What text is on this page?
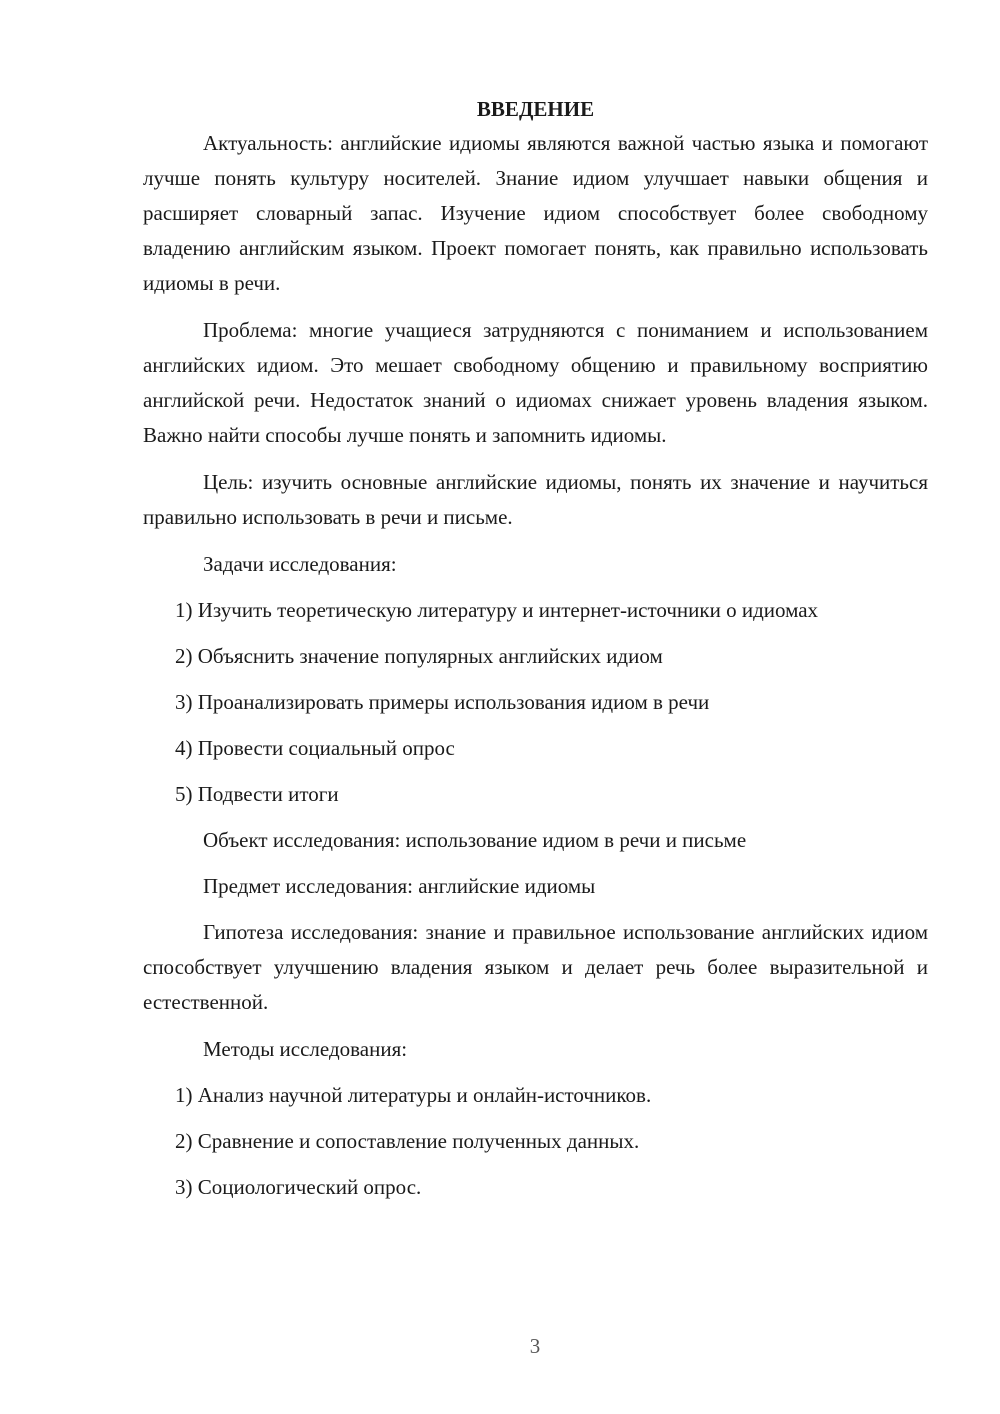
ВВЕДЕНИЕ

Актуальность: английские идиомы являются важной частью языка и помогают лучше понять культуру носителей. Знание идиом улучшает навыки общения и расширяет словарный запас. Изучение идиом способствует более свободному владению английским языком. Проект помогает понять, как правильно использовать идиомы в речи.

Проблема: многие учащиеся затрудняются с пониманием и использованием английских идиом. Это мешает свободному общению и правильному восприятию английской речи. Недостаток знаний о идиомах снижает уровень владения языком. Важно найти способы лучше понять и запомнить идиомы.

Цель: изучить основные английские идиомы, понять их значение и научиться правильно использовать в речи и письме.

Задачи исследования:

1) Изучить теоретическую литературу и интернет-источники о идиомах

2) Объяснить значение популярных английских идиом

3) Проанализировать примеры использования идиом в речи

4) Провести социальный опрос

5) Подвести итоги

Объект исследования: использование идиом в речи и письме

Предмет исследования: английские идиомы

Гипотеза исследования: знание и правильное использование английских идиом способствует улучшению владения языком и делает речь более выразительной и естественной.

Методы исследования:

1) Анализ научной литературы и онлайн-источников.

2) Сравнение и сопоставление полученных данных.

3) Социологический опрос.

3
